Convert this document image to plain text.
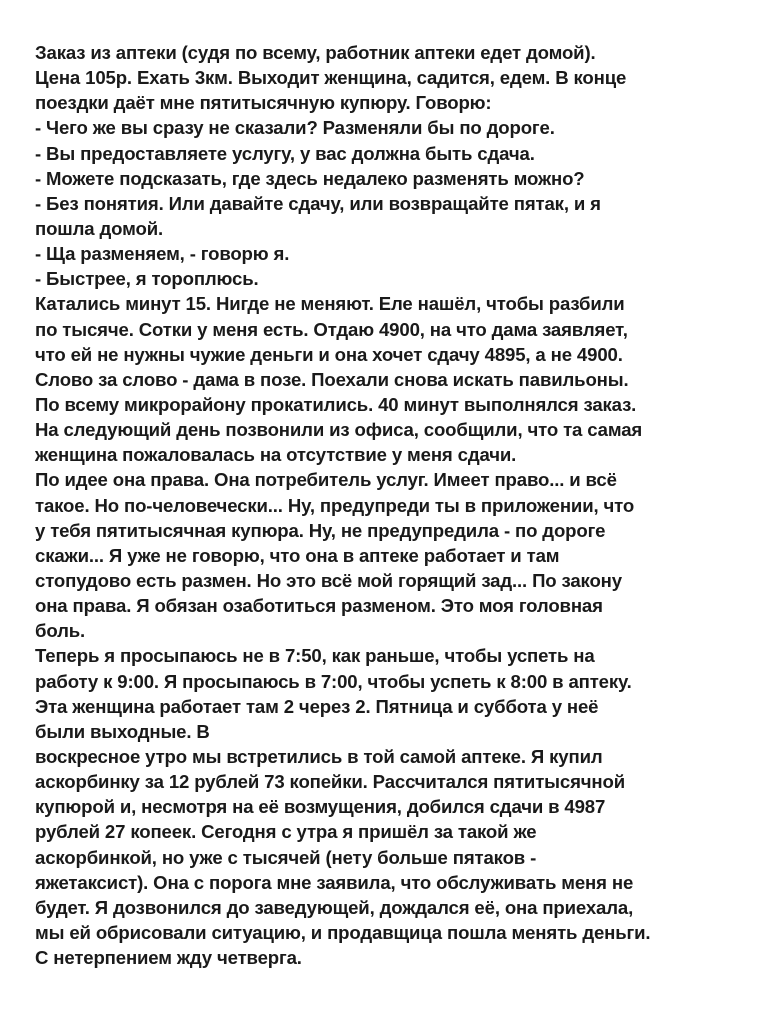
Заказ из аптеки (судя по всему, работник аптеки едет домой).
Цена 105р. Ехать 3км. Выходит женщина, садится, едем. В конце
поездки даёт мне пятитысячную купюру. Говорю:
- Чего же вы сразу не сказали? Разменяли бы по дороге.
- Вы предоставляете услугу, у вас должна быть сдача.
- Можете подсказать, где здесь недалеко разменять можно?
- Без понятия. Или давайте сдачу, или возвращайте пятак, и я
пошла домой.
- Ща разменяем, - говорю я.
- Быстрее, я тороплюсь.
Катались минут 15. Нигде не меняют. Еле нашёл, чтобы разбили
по тысяче. Сотки у меня есть. Отдаю 4900, на что дама заявляет,
что ей не нужны чужие деньги и она хочет сдачу 4895, а не 4900.
Слово за слово - дама в позе. Поехали снова искать павильоны.
По всему микрорайону прокатились. 40 минут выполнялся заказ.
На следующий день позвонили из офиса, сообщили, что та самая
женщина пожаловалась на отсутствие у меня сдачи.
По идее она права. Она потребитель услуг. Имеет право... и всё
такое. Но по-человечески... Ну, предупреди ты в приложении, что
у тебя пятитысячная купюра. Ну, не предупредила - по дороге
скажи... Я уже не говорю, что она в аптеке работает и там
стопудово есть размен. Но это всё мой горящий зад... По закону
она права. Я обязан озаботиться разменом. Это моя головная
боль.
Теперь я просыпаюсь не в 7:50, как раньше, чтобы успеть на
работу к 9:00. Я просыпаюсь в 7:00, чтобы успеть к 8:00 в аптеку.
Эта женщина работает там 2 через 2. Пятница и суббота у неё
были выходные. В
воскресное утро мы встретились в той самой аптеке. Я купил
аскорбинку за 12 рублей 73 копейки. Рассчитался пятитысячной
купюрой и, несмотря на её возмущения, добился сдачи в 4987
рублей 27 копеек. Сегодня с утра я пришёл за такой же
аскорбинкой, но уже с тысячей (нету больше пятаков -
яжетаксист). Она с порога мне заявила, что обслуживать меня не
будет. Я дозвонился до заведующей, дождался её, она приехала,
мы ей обрисовали ситуацию, и продавщица пошла менять деньги.
С нетерпением жду четверга.
